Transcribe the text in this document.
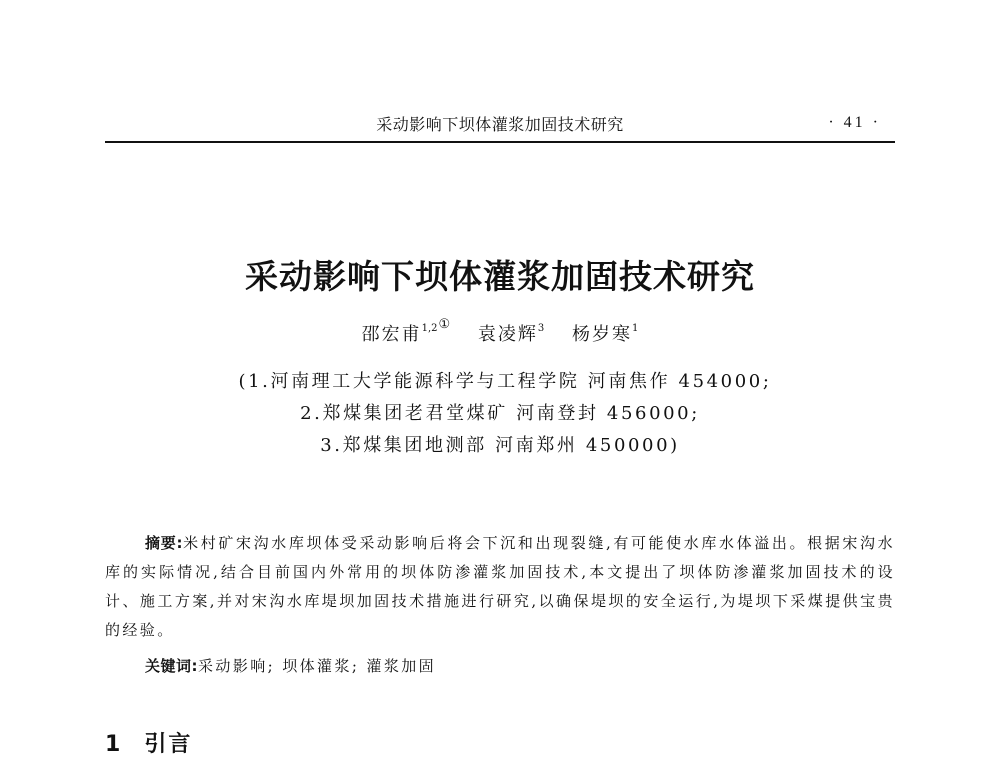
采动影响下坝体灌浆加固技术研究	· 41 ·
采动影响下坝体灌浆加固技术研究
邵宏甫$^{1,2①}$ 袁凌辉$^3$ 杨岁寒$^1$
(1.河南理工大学能源科学与工程学院 河南焦作 454000;
2.郑煤集团老君堂煤矿 河南登封 456000;
3.郑煤集团地测部 河南郑州 450000)
摘要:米村矿宋沟水库坝体受采动影响后将会下沉和出现裂缝,有可能使水库水体溢出。根据宋沟水库的实际情况,结合目前国内外常用的坝体防渗灌浆加固技术,本文提出了坝体防渗灌浆加固技术的设计、施工方案,并对宋沟水库堤坝加固技术措施进行研究,以确保堤坝的安全运行,为堤坝下采煤提供宝贵的经验。
关键词:采动影响; 坝体灌浆; 灌浆加固
1 引言
